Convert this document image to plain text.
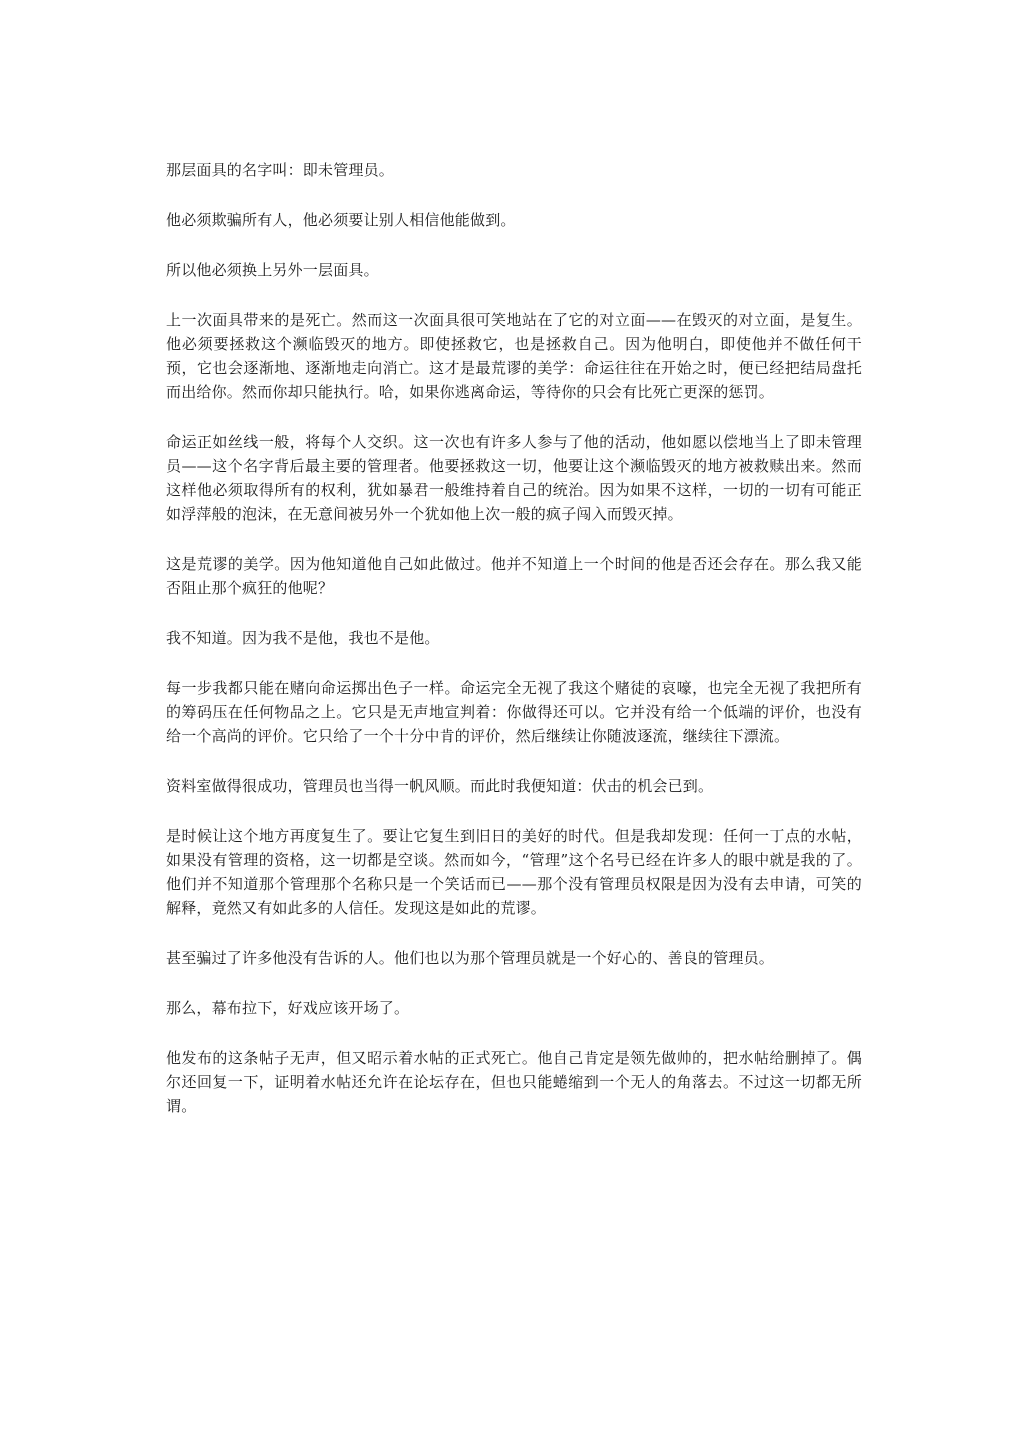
那层面具的名字叫：即未管理员。

他必须欺骗所有人，他必须要让别人相信他能做到。

所以他必须换上另外一层面具。

上一次面具带来的是死亡。然而这一次面具很可笑地站在了它的对立面——在毁灭的对立面，是复生。他必须要拯救这个濒临毁灭的地方。即使拯救它，也是拯救自己。因为他明白，即使他并不做任何干预，它也会逐渐地、逐渐地走向消亡。这才是最荒谬的美学：命运往往在开始之时，便已经把结局盘托而出给你。然而你却只能执行。哈，如果你逃离命运，等待你的只会有比死亡更深的惩罚。

命运正如丝线一般，将每个人交织。这一次也有许多人参与了他的活动，他如愿以偿地当上了即未管理员——这个名字背后最主要的管理者。他要拯救这一切，他要让这个濒临毁灭的地方被救赎出来。然而这样他必须取得所有的权利，犹如暴君一般维持着自己的统治。因为如果不这样，一切的一切有可能正如浮萍般的泡沫，在无意间被另外一个犹如他上次一般的疯子闯入而毁灭掉。

这是荒谬的美学。因为他知道他自己如此做过。他并不知道上一个时间的他是否还会存在。那么我又能否阻止那个疯狂的他呢？

我不知道。因为我不是他，我也不是他。

每一步我都只能在赌向命运掷出色子一样。命运完全无视了我这个赌徒的哀嚎，也完全无视了我把所有的筹码压在任何物品之上。它只是无声地宣判着：你做得还可以。它并没有给一个低端的评价，也没有给一个高尚的评价。它只给了一个十分中肯的评价，然后继续让你随波逐流，继续往下漂流。

资料室做得很成功，管理员也当得一帆风顺。而此时我便知道：伏击的机会已到。

是时候让这个地方再度复生了。要让它复生到旧日的美好的时代。但是我却发现：任何一丁点的水帖，如果没有管理的资格，这一切都是空谈。然而如今，“管理”这个名号已经在许多人的眼中就是我的了。他们并不知道那个管理那个名称只是一个笑话而已——那个没有管理员权限是因为没有去申请，可笑的解释，竟然又有如此多的人信任。发现这是如此的荒谬。

甚至骗过了许多他没有告诉的人。他们也以为那个管理员就是一个好心的、善良的管理员。

那么，幕布拉下，好戏应该开场了。

他发布的这条帖子无声，但又昭示着水帖的正式死亡。他自己肯定是领先做帅的，把水帖给删掉了。偶尔还回复一下，证明着水帖还允许在论坛存在，但也只能蜷缩到一个无人的角落去。不过这一切都无所谓。
